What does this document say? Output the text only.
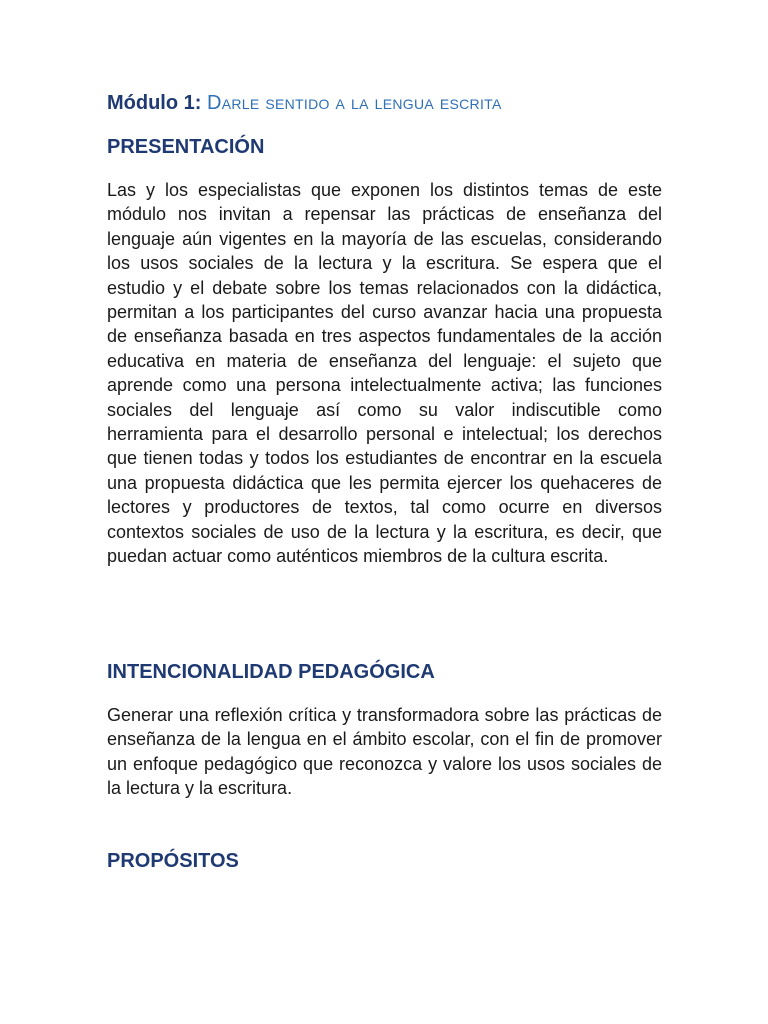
Módulo 1: Darle sentido a la lengua escrita
PRESENTACIÓN

Las y los especialistas que exponen los distintos temas de este módulo nos invitan a repensar las prácticas de enseñanza del lenguaje aún vigentes en la mayoría de las escuelas, considerando los usos sociales de la lectura y la escritura. Se espera que el estudio y el debate sobre los temas relacionados con la didáctica, permitan a los participantes del curso avanzar hacia una propuesta de enseñanza basada en tres aspectos fundamentales de la acción educativa en materia de enseñanza del lenguaje: el sujeto que aprende como una persona intelectualmente activa; las funciones sociales del lenguaje así como su valor indiscutible como herramienta para el desarrollo personal e intelectual; los derechos que tienen todas y todos los estudiantes de encontrar en la escuela una propuesta didáctica que les permita ejercer los quehaceres de lectores y productores de textos, tal como ocurre en diversos contextos sociales de uso de la lectura y la escritura, es decir, que puedan actuar como auténticos miembros de la cultura escrita.

INTENCIONALIDAD PEDAGÓGICA

Generar una reflexión crítica y transformadora sobre las prácticas de enseñanza de la lengua en el ámbito escolar, con el fin de promover un enfoque pedagógico que reconozca y valore los usos sociales de la lectura y la escritura.

PROPÓSITOS
